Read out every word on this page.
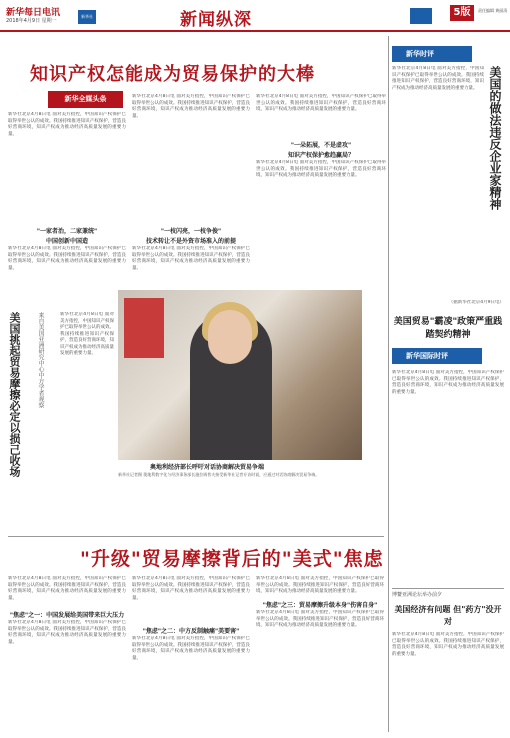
新华每日电讯
2018年4月9日 星期一
新华社	新闻纵深	5版	责任编辑 黄丽清
知识产权怎能成为贸易保护的大棒
新华全媒头条
新华社北京4月8日电 面对美方指控，中国知识产权保护已取得举世公认的成效。我国持续推进知识产权保护，营造良好营商环境，知识产权成为推动经济高质量发展的重要力量。
"一家者治，二家兼统"
中国创新中国造
新华社北京4月8日电 面对美方指控，中国知识产权保护已取得举世公认的成效。我国持续推进知识产权保护，营造良好营商环境，知识产权成为推动经济高质量发展的重要力量。
新华社北京4月8日电 面对美方指控，中国知识产权保护已取得举世公认的成效。我国持续推进知识产权保护，营造良好营商环境，知识产权成为推动经济高质量发展的重要力量。
"一枝闪亮，一枝争俊"
技术转让不是外资市场准入的前提
新华社北京4月8日电 面对美方指控，中国知识产权保护已取得举世公认的成效。我国持续推进知识产权保护，营造良好营商环境，知识产权成为推动经济高质量发展的重要力量。
新华社北京4月8日电 面对美方指控，中国知识产权保护已取得举世公认的成效。我国持续推进知识产权保护，营造良好营商环境，知识产权成为推动经济高质量发展的重要力量。
"一朵拓展，不是虚攻"
知识产权保护愈趋赢局？
新华社北京4月8日电 面对美方指控，中国知识产权保护已取得举世公认的成效。我国持续推进知识产权保护，营造良好营商环境，知识产权成为推动经济高质量发展的重要力量。
美国挑起贸易摩擦必定以损己收场	来自美国亚洲研究中心中方学者观察	新华社北京4月8日电 面对美方指控，中国知识产权保护已取得举世公认的成效。我国持续推进知识产权保护，营造良好营商环境，知识产权成为推动经济高质量发展的重要力量。
奥地利经济部长呼吁对话协商解决贸易争端
新华社记者摄 奥地利数字化与经济事务部长施拉姆普夫接受新华社记者专访时说，应通过对话协商解决贸易争端。
"升级"贸易摩擦背后的"美式"焦虑
新华社北京4月8日电 面对美方指控，中国知识产权保护已取得举世公认的成效。我国持续推进知识产权保护，营造良好营商环境，知识产权成为推动经济高质量发展的重要力量。
"焦虑"之一：中国发展给美国带来巨大压力
新华社北京4月8日电 面对美方指控，中国知识产权保护已取得举世公认的成效。我国持续推进知识产权保护，营造良好营商环境，知识产权成为推动经济高质量发展的重要力量。
新华社北京4月8日电 面对美方指控，中国知识产权保护已取得举世公认的成效。我国持续推进知识产权保护，营造良好营商环境，知识产权成为推动经济高质量发展的重要力量。
"焦虑"之二：中方反制触痛"美要害"
新华社北京4月8日电 面对美方指控，中国知识产权保护已取得举世公认的成效。我国持续推进知识产权保护，营造良好营商环境，知识产权成为推动经济高质量发展的重要力量。
新华社北京4月8日电 面对美方指控，中国知识产权保护已取得举世公认的成效。我国持续推进知识产权保护，营造良好营商环境，知识产权成为推动经济高质量发展的重要力量。
"焦虑"之三：贸易摩擦升级本身"伤害自身"
新华社北京4月8日电 面对美方指控，中国知识产权保护已取得举世公认的成效。我国持续推进知识产权保护，营造良好营商环境，知识产权成为推动经济高质量发展的重要力量。
新华时评
美国的做法违反企业家精神
新华社北京4月8日电 面对美方指控，中国知识产权保护已取得举世公认的成效。我国持续推进知识产权保护，营造良好营商环境，知识产权成为推动经济高质量发展的重要力量。
（据新华社北京4月9日电）
美国贸易"霸凌"政策严重践踏契约精神
新华国际时评
新华社北京4月8日电 面对美方指控，中国知识产权保护已取得举世公认的成效。我国持续推进知识产权保护，营造良好营商环境，知识产权成为推动经济高质量发展的重要力量。
博鳌亚洲论坛举办前夕
美国经济有问题 但"药方"没开对
新华社北京4月8日电 面对美方指控，中国知识产权保护已取得举世公认的成效。我国持续推进知识产权保护，营造良好营商环境，知识产权成为推动经济高质量发展的重要力量。
